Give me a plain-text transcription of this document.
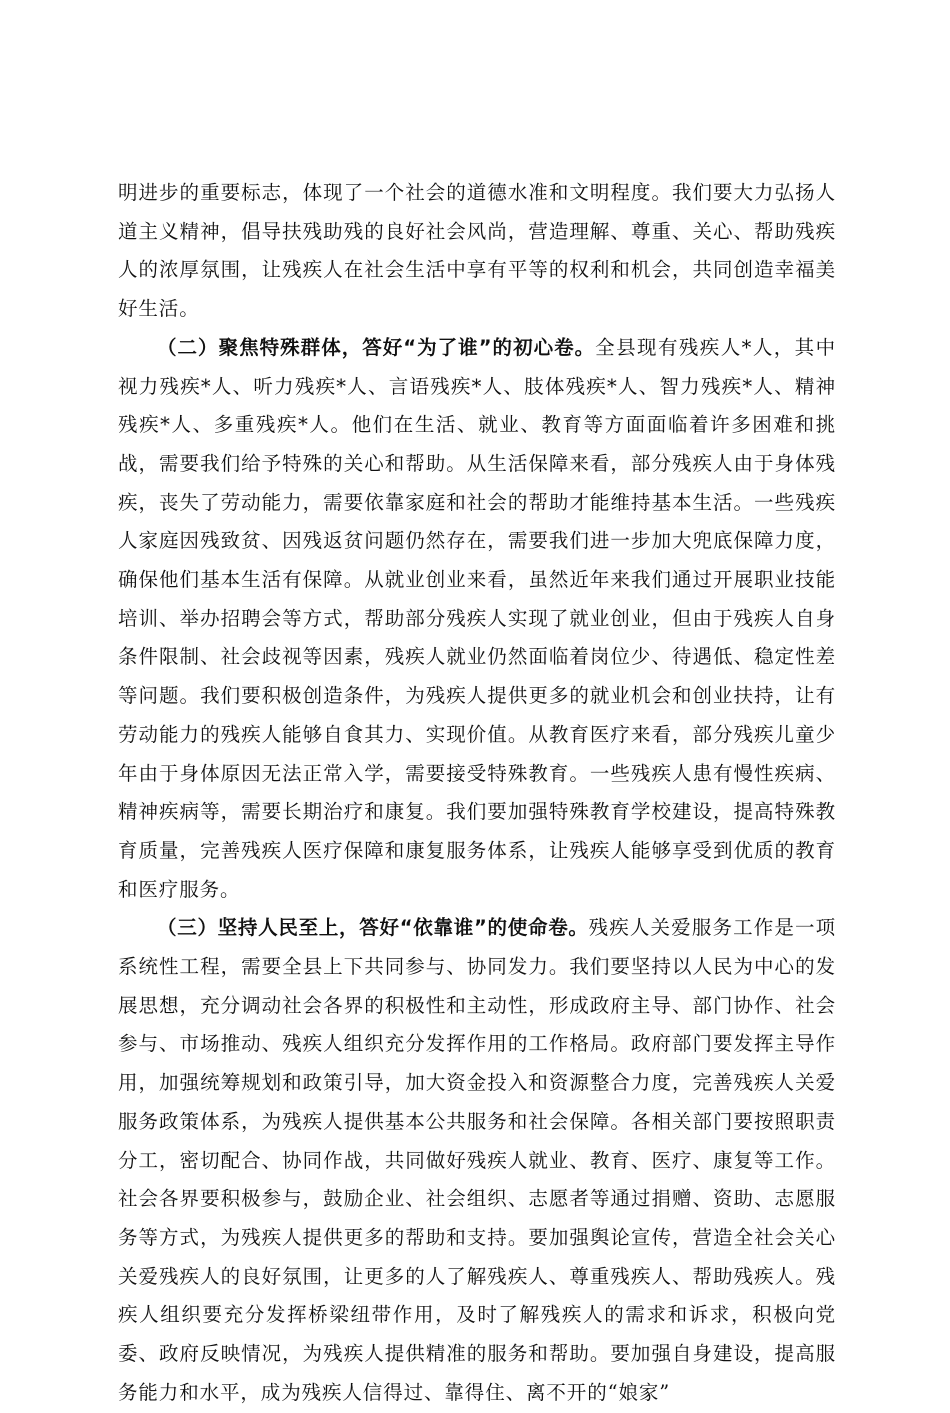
明进步的重要标志，体现了一个社会的道德水准和文明程度。我们要大力弘扬人道主义精神，倡导扶残助残的良好社会风尚，营造理解、尊重、关心、帮助残疾人的浓厚氛围，让残疾人在社会生活中享有平等的权利和机会，共同创造幸福美好生活。

（二）聚焦特殊群体，答好“为了谁”的初心卷。全县现有残疾人*人，其中视力残疾*人、听力残疾*人、言语残疾*人、肢体残疾*人、智力残疾*人、精神残疾*人、多重残疾*人。他们在生活、就业、教育等方面面临着许多困难和挑战，需要我们给予特殊的关心和帮助。从生活保障来看，部分残疾人由于身体残疾，丧失了劳动能力，需要依靠家庭和社会的帮助才能维持基本生活。一些残疾人家庭因残致贫、因残返贫问题仍然存在，需要我们进一步加大兜底保障力度，确保他们基本生活有保障。从就业创业来看，虽然近年来我们通过开展职业技能培训、举办招聘会等方式，帮助部分残疾人实现了就业创业，但由于残疾人自身条件限制、社会歧视等因素，残疾人就业仍然面临着岗位少、待遇低、稳定性差等问题。我们要积极创造条件，为残疾人提供更多的就业机会和创业扶持，让有劳动能力的残疾人能够自食其力、实现价值。从教育医疗来看，部分残疾儿童少年由于身体原因无法正常入学，需要接受特殊教育。一些残疾人患有慢性疾病、精神疾病等，需要长期治疗和康复。我们要加强特殊教育学校建设，提高特殊教育质量，完善残疾人医疗保障和康复服务体系，让残疾人能够享受到优质的教育和医疗服务。

（三）坚持人民至上，答好“依靠谁”的使命卷。残疾人关爱服务工作是一项系统性工程，需要全县上下共同参与、协同发力。我们要坚持以人民为中心的发展思想，充分调动社会各界的积极性和主动性，形成政府主导、部门协作、社会参与、市场推动、残疾人组织充分发挥作用的工作格局。政府部门要发挥主导作用，加强统筹规划和政策引导，加大资金投入和资源整合力度，完善残疾人关爱服务政策体系，为残疾人提供基本公共服务和社会保障。各相关部门要按照职责分工，密切配合、协同作战，共同做好残疾人就业、教育、医疗、康复等工作。社会各界要积极参与，鼓励企业、社会组织、志愿者等通过捐赠、资助、志愿服务等方式，为残疾人提供更多的帮助和支持。要加强舆论宣传，营造全社会关心关爱残疾人的良好氛围，让更多的人了解残疾人、尊重残疾人、帮助残疾人。残疾人组织要充分发挥桥梁纽带作用，及时了解残疾人的需求和诉求，积极向党委、政府反映情况，为残疾人提供精准的服务和帮助。要加强自身建设，提高服务能力和水平，成为残疾人信得过、靠得住、离不开的“娘家”
